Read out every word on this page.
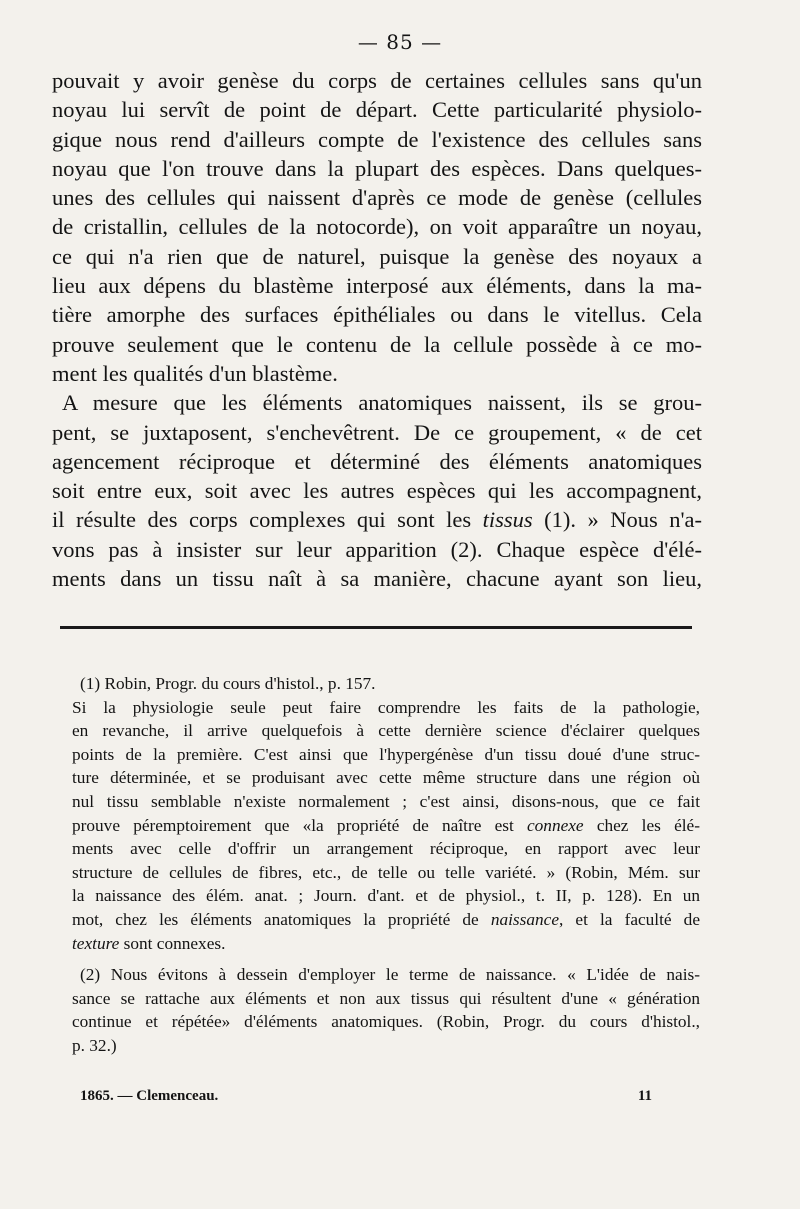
— 85 —
pouvait y avoir genèse du corps de certaines cellules sans qu'un
noyau lui servît de point de départ. Cette particularité physiolo-
gique nous rend d'ailleurs compte de l'existence des cellules sans
noyau que l'on trouve dans la plupart des espèces. Dans quelques-
unes des cellules qui naissent d'après ce mode de genèse (cellules
de cristallin, cellules de la notocorde), on voit apparaître un noyau,
ce qui n'a rien que de naturel, puisque la genèse des noyaux a
lieu aux dépens du blastème interposé aux éléments, dans la ma-
tière amorphe des surfaces épithéliales ou dans le vitellus. Cela
prouve seulement que le contenu de la cellule possède à ce mo-
ment les qualités d'un blastème.
A mesure que les éléments anatomiques naissent, ils se grou-
pent, se juxtaposent, s'enchevêtrent. De ce groupement, « de cet
agencement réciproque et déterminé des éléments anatomiques
soit entre eux, soit avec les autres espèces qui les accompagnent,
il résulte des corps complexes qui sont les tissus (1). » Nous n'a-
vons pas à insister sur leur apparition (2). Chaque espèce d'élé-
ments dans un tissu naît à sa manière, chacune ayant son lieu,
(1) Robin, Progr. du cours d'histol., p. 157.
Si la physiologie seule peut faire comprendre les faits de la pathologie,
en revanche, il arrive quelquefois à cette dernière science d'éclairer quelques
points de la première. C'est ainsi que l'hypergénèse d'un tissu doué d'une struc-
ture déterminée, et se produisant avec cette même structure dans une région où
nul tissu semblable n'existe normalement ; c'est ainsi, disons-nous, que ce fait
prouve péremptoirement que «la propriété de naître est connexe chez les élé-
ments avec celle d'offrir un arrangement réciproque, en rapport avec leur
structure de cellules de fibres, etc., de telle ou telle variété. » (Robin, Mém. sur
la naissance des élém. anat. ; Journ. d'ant. et de physiol., t. II, p. 128). En un
mot, chez les éléments anatomiques la propriété de naissance, et la faculté de
texture sont connexes.
(2) Nous évitons à dessein d'employer le terme de naissance. « L'idée de nais-
sance se rattache aux éléments et non aux tissus qui résultent d'une « génération
continue et répétée» d'éléments anatomiques. (Robin, Progr. du cours d'histol.,
p. 32.)
1865. — Clemenceau.	11
